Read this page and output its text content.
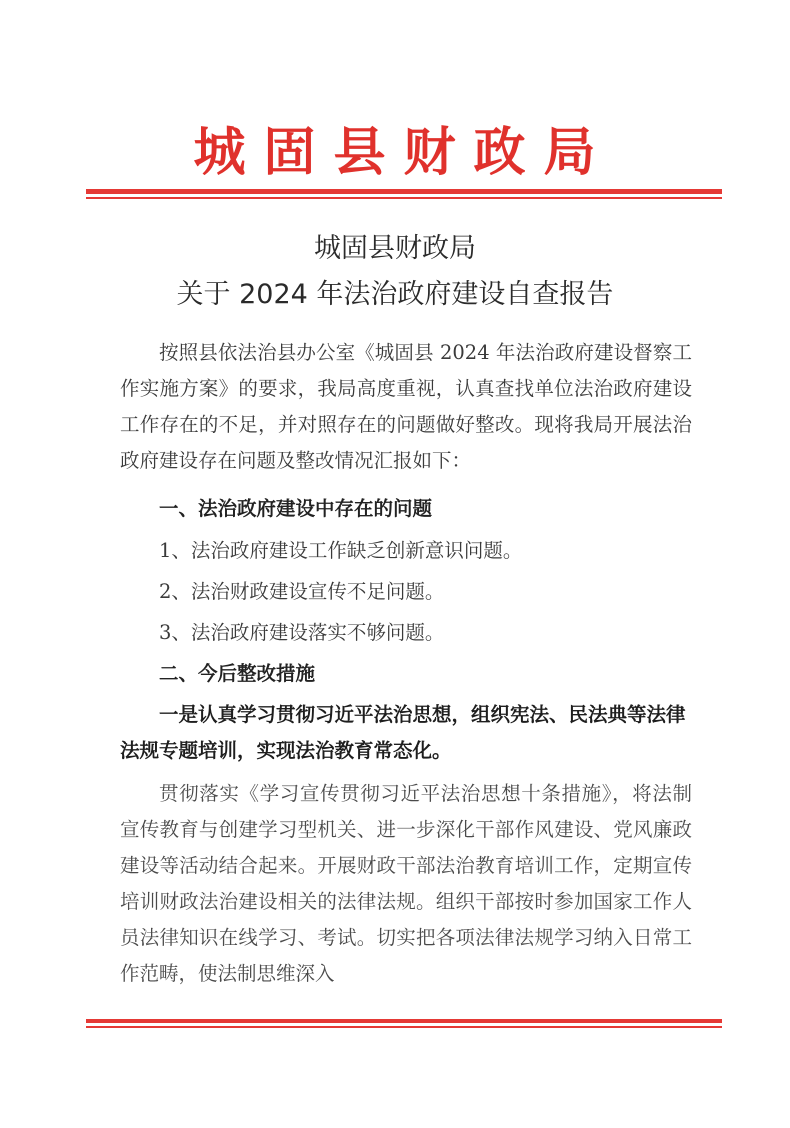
城固县财政局
城固县财政局
关于 2024 年法治政府建设自查报告

按照县依法治县办公室《城固县 2024 年法治政府建设督察工作实施方案》的要求，我局高度重视，认真查找单位法治政府建设工作存在的不足，并对照存在的问题做好整改。现将我局开展法治政府建设存在问题及整改情况汇报如下：

一、法治政府建设中存在的问题

1、法治政府建设工作缺乏创新意识问题。

2、法治财政建设宣传不足问题。

3、法治政府建设落实不够问题。

二、今后整改措施

一是认真学习贯彻习近平法治思想，组织宪法、民法典等法律法规专题培训，实现法治教育常态化。

贯彻落实《学习宣传贯彻习近平法治思想十条措施》，将法制宣传教育与创建学习型机关、进一步深化干部作风建设、党风廉政建设等活动结合起来。开展财政干部法治教育培训工作，定期宣传培训财政法治建设相关的法律法规。组织干部按时参加国家工作人员法律知识在线学习、考试。切实把各项法律法规学习纳入日常工作范畴，使法制思维深入
